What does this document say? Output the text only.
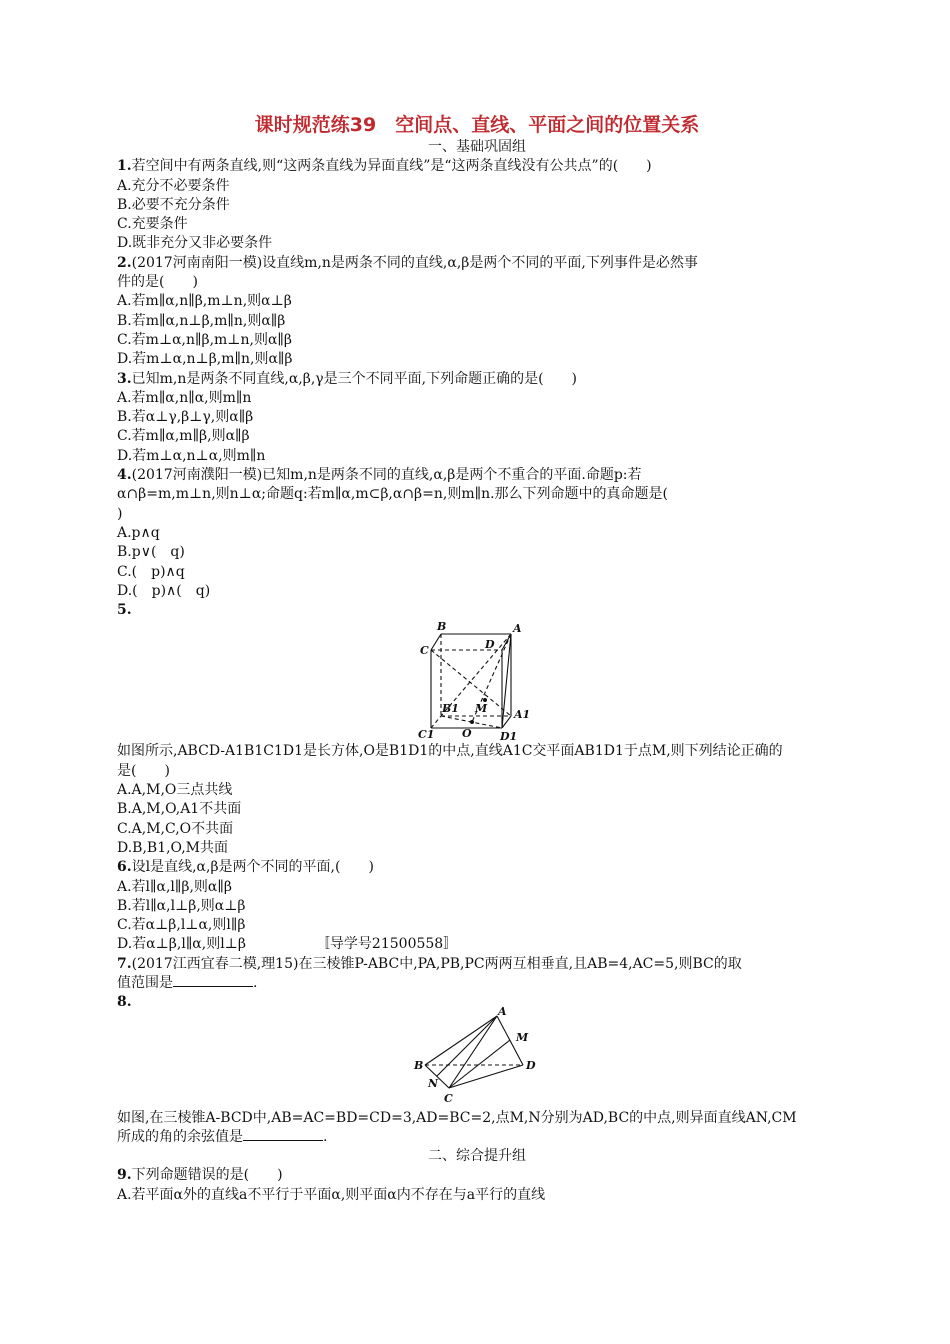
课时规范练39　空间点、直线、平面之间的位置关系

一、基础巩固组

1.若空间中有两条直线,则“这两条直线为异面直线”是“这两条直线没有公共点”的(　　)

A.充分不必要条件

B.必要不充分条件

C.充要条件

D.既非充分又非必要条件

2.(2017河南南阳一模)设直线m,n是两条不同的直线,α,β是两个不同的平面,下列事件是必然事

件的是(　　)

A.若m∥α,n∥β,m⊥n,则α⊥β

B.若m∥α,n⊥β,m∥n,则α∥β

C.若m⊥α,n∥β,m⊥n,则α∥β

D.若m⊥α,n⊥β,m∥n,则α∥β

3.已知m,n是两条不同直线,α,β,γ是三个不同平面,下列命题正确的是(　　)

A.若m∥α,n∥α,则m∥n

B.若α⊥γ,β⊥γ,则α∥β

C.若m∥α,m∥β,则α∥β

D.若m⊥α,n⊥α,则m∥n

4.(2017河南濮阳一模)已知m,n是两条不同的直线,α,β是两个不重合的平面.命题p:若

α∩β=m,m⊥n,则n⊥α;命题q:若m∥α,m⊂β,α∩β=n,则m∥n.那么下列命题中的真命题是(

)

A.p∧q

B.p∨(　q)

C.(　p)∧q

D.(　p)∧(　q)

5.

B	A
C	D
B1 M A1
C1	O	D1

如图所示,ABCD-A1B1C1D1是长方体,O是B1D1的中点,直线A1C交平面AB1D1于点M,则下列结论正确的

是(　　)

A.A,M,O三点共线

B.A,M,O,A1不共面

C.A,M,C,O不共面

D.B,B1,O,M共面

6.设l是直线,α,β是两个不同的平面,(　　)

A.若l∥α,l∥β,则α∥β

B.若l∥α,l⊥β,则α⊥β

C.若α⊥β,l⊥α,则l∥β

D.若α⊥β,l∥α,则l⊥β	〚导学号21500558〛

7.(2017江西宜春二模,理15)在三棱锥P-ABC中,PA,PB,PC两两互相垂直,且AB=4,AC=5,则BC的取

值范围是	.

8.

A
M
B	D
N
C

如图,在三棱锥A-BCD中,AB=AC=BD=CD=3,AD=BC=2,点M,N分别为AD,BC的中点,则异面直线AN,CM

所成的角的余弦值是	.

二、综合提升组

9.下列命题错误的是(　　)

A.若平面α外的直线a不平行于平面α,则平面α内不存在与a平行的直线
